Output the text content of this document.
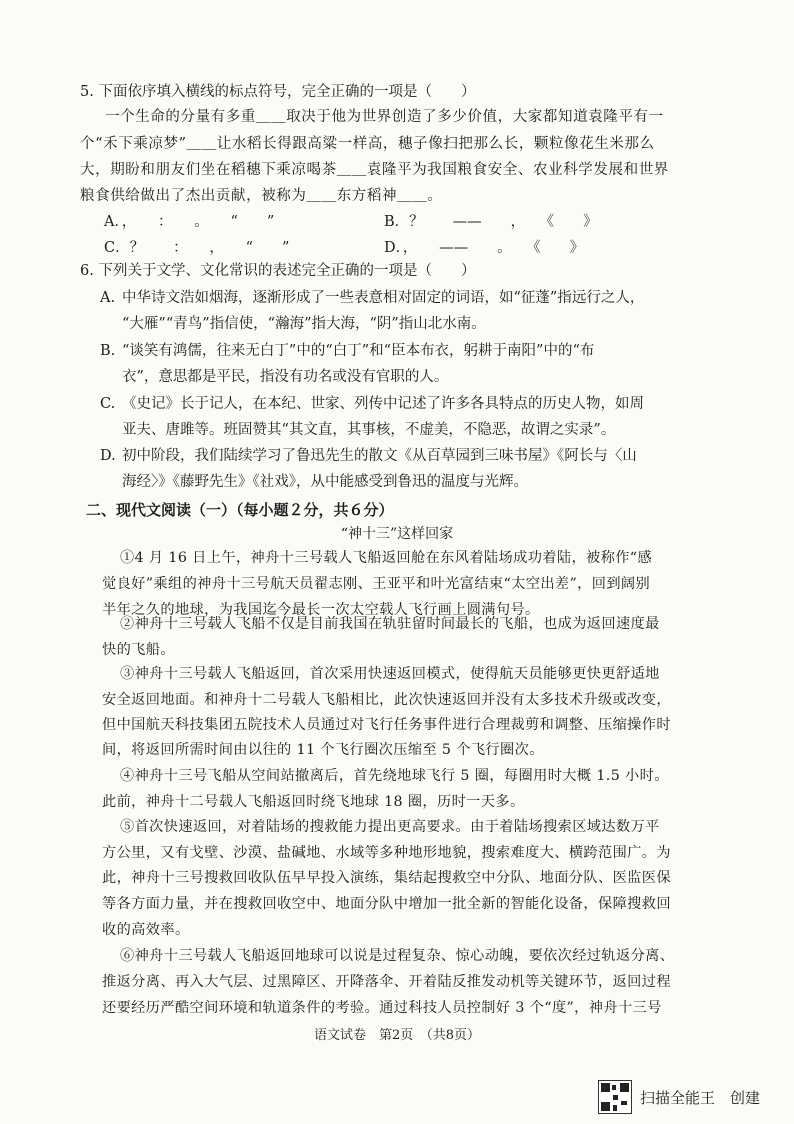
5. 下面依序填入横线的标点符号，完全正确的一项是（　　）
一个生命的分量有多重＿＿取决于他为世界创造了多少价值，大家都知道袁隆平有一
个“禾下乘凉梦”＿＿让水稻长得跟高粱一样高，穗子像扫把那么长，颗粒像花生米那么
大，期盼和朋友们坐在稻穗下乘凉喝茶＿＿袁隆平为我国粮食安全、农业科学发展和世界
粮食供给做出了杰出贡献，被称为＿＿东方稻神＿＿。
A．，　　：　　。　　“　　”	B．？　　——　　，　　《　　》
C．？　　：　　，　　“　　”	D．，　　——　　。　　《　　》
6. 下列关于文学、文化常识的表述完全正确的一项是（　　）
A. 中华诗文浩如烟海，逐渐形成了一些表意相对固定的词语，如“征蓬”指远行之人，
“大雁”“青鸟”指信使，“瀚海”指大海，“阴”指山北水南。
B. “谈笑有鸿儒，往来无白丁”中的“白丁”和“臣本布衣，躬耕于南阳”中的“布
衣”，意思都是平民，指没有功名或没有官职的人。
C. 《史记》长于记人，在本纪、世家、列传中记述了许多各具特点的历史人物，如周
亚夫、唐雎等。班固赞其“其文直，其事核，不虚美，不隐恶，故谓之实录”。
D. 初中阶段，我们陆续学习了鲁迅先生的散文《从百草园到三味书屋》《阿长与〈山
海经〉》《藤野先生》《社戏》，从中能感受到鲁迅的温度与光辉。
二、现代文阅读（一）（每小题２分，共６分）
“神十三”这样回家
①4 月 16 日上午，神舟十三号载人飞船返回舱在东风着陆场成功着陆，被称作“感
觉良好”乘组的神舟十三号航天员翟志刚、王亚平和叶光富结束“太空出差”，回到阔别
半年之久的地球，为我国迄今最长一次太空载人飞行画上圆满句号。
②神舟十三号载人飞船不仅是目前我国在轨驻留时间最长的飞船，也成为返回速度最
快的飞船。
③神舟十三号载人飞船返回，首次采用快速返回模式，使得航天员能够更快更舒适地
安全返回地面。和神舟十二号载人飞船相比，此次快速返回并没有太多技术升级或改变，
但中国航天科技集团五院技术人员通过对飞行任务事件进行合理裁剪和调整、压缩操作时
间，将返回所需时间由以往的 11 个飞行圈次压缩至 5 个飞行圈次。
④神舟十三号飞船从空间站撤离后，首先绕地球飞行 5 圈，每圈用时大概 1.5 小时。
此前，神舟十二号载人飞船返回时绕飞地球 18 圈，历时一天多。
⑤首次快速返回，对着陆场的搜救能力提出更高要求。由于着陆场搜索区域达数万平
方公里，又有戈壁、沙漠、盐碱地、水域等多种地形地貌，搜索难度大、横跨范围广。为
此，神舟十三号搜救回收队伍早早投入演练，集结起搜救空中分队、地面分队、医监医保
等各方面力量，并在搜救回收空中、地面分队中增加一批全新的智能化设备，保障搜救回
收的高效率。
⑥神舟十三号载人飞船返回地球可以说是过程复杂、惊心动魄，要依次经过轨返分离、
推返分离、再入大气层、过黑障区、开降落伞、开着陆反推发动机等关键环节，返回过程
还要经历严酷空间环境和轨道条件的考验。通过科技人员控制好 3 个“度”，神舟十三号
语文试卷　第2页　（共8页）
扫描全能王　创建
